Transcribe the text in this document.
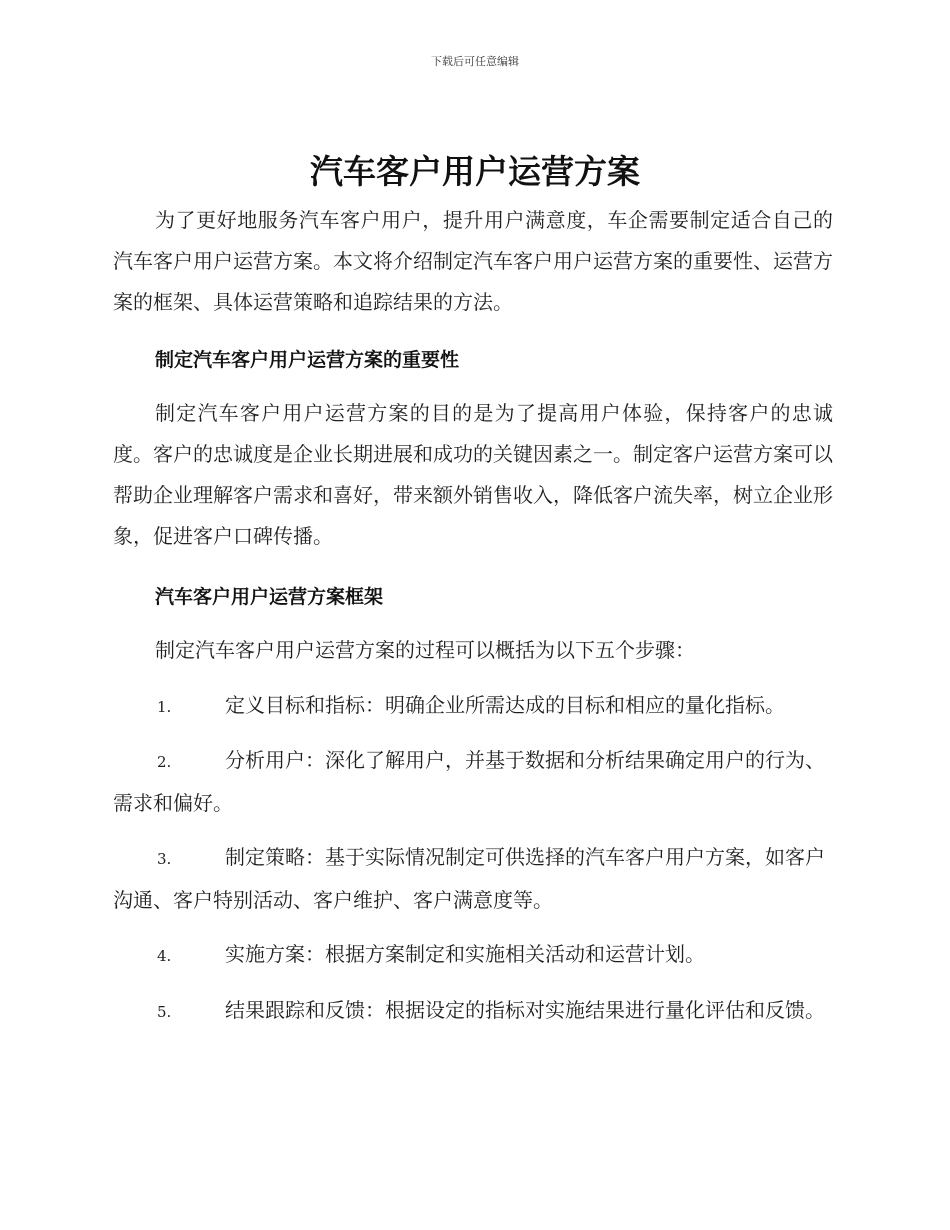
下载后可任意编辑
汽车客户用户运营方案

为了更好地服务汽车客户用户，提升用户满意度，车企需要制定适合自己的汽车客户用户运营方案。本文将介绍制定汽车客户用户运营方案的重要性、运营方案的框架、具体运营策略和追踪结果的方法。

制定汽车客户用户运营方案的重要性

制定汽车客户用户运营方案的目的是为了提高用户体验，保持客户的忠诚度。客户的忠诚度是企业长期进展和成功的关键因素之一。制定客户运营方案可以帮助企业理解客户需求和喜好，带来额外销售收入，降低客户流失率，树立企业形象，促进客户口碑传播。

汽车客户用户运营方案框架

制定汽车客户用户运营方案的过程可以概括为以下五个步骤：

1.	定义目标和指标：明确企业所需达成的目标和相应的量化指标。
2.	分析用户：深化了解用户，并基于数据和分析结果确定用户的行为、需求和偏好。
3.	制定策略：基于实际情况制定可供选择的汽车客户用户方案，如客户沟通、客户特别活动、客户维护、客户满意度等。
4.	实施方案：根据方案制定和实施相关活动和运营计划。
5.	结果跟踪和反馈：根据设定的指标对实施结果进行量化评估和反馈。
